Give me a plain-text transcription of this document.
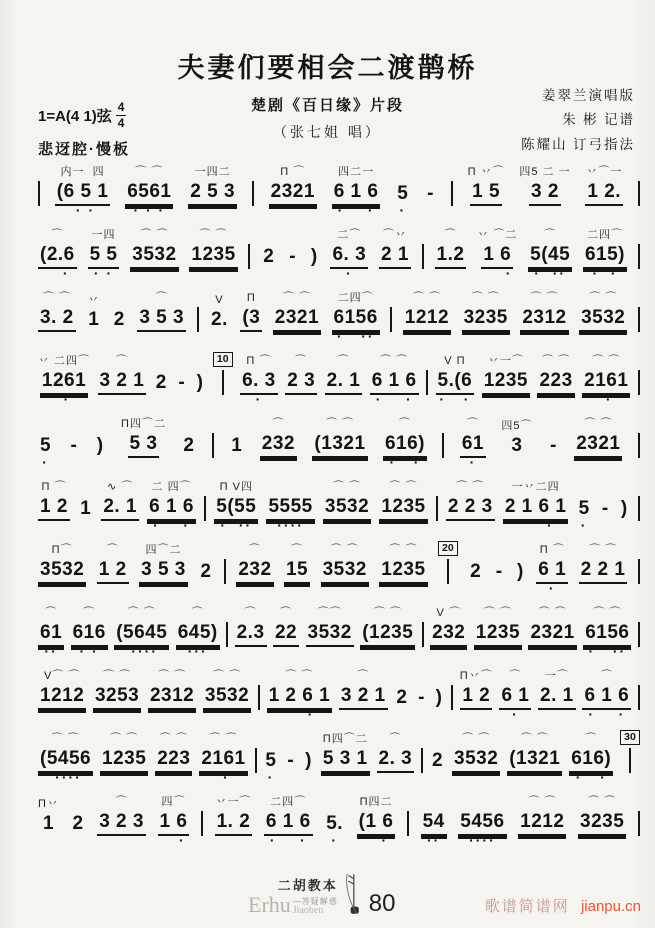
夫妻们要相会二渡鹊桥
楚剧《百日缘》片段
（张七姐 唱）
姜翠兰演唱版
朱 彬 记谱
陈耀山 订弓指法
1=A(4 1)弦 $\frac{4}{4}$
悲迓腔·慢板
内一  四
(6 5 1
· ·
⌒ ⌒
6561
· · ·
一四二
2 5 3

Π ⌒
2321

四二一
6 1 6
·    ·

5
·

-

Π 丷⌒
1 5

四5 二 一
3 2

丷⌒一
1 2.

⌒
(2.6
·
一四
5 5
· ·
⌒ ⌒
3532

⌒ ⌒
1235

2

-

)

二⌒
6. 3
·
⌒丷
2 1

⌒
1.2

丷 ⌒二
1 6
·
⌒
5(45
·  ··
二四⌒
615)
·  ·
⌒ ⌒
3. 2

丷
1

2

⌒
3 5 3

V
2.

Π
(3

⌒ ⌒
2321

二四⌒
6156
·   ··
⌒ ⌒
1212

⌒ ⌒
3235

⌒ ⌒
2312

⌒ ⌒
3532

丷 二四⌒
1261
·
⌒
3 2 1

2

-

)

10	Π ⌒
6. 3
·
⌒
2 3

⌒
2. 1

⌒ ⌒
6 1 6
·    ·
V Π
5.(6
·   ·
丷一⌒
1235

⌒ ⌒
223

⌒ ⌒
2161
·

5
·

-

)

Π四⌒二
5 3

2

1

⌒
232

⌒ ⌒
(1321

⌒
616)
·   ·
⌒
61
·
四5⌒
3

-

⌒ ⌒
2321

Π ⌒
1 2

1

∿ ⌒
2. 1

二 四⌒
6 1 6
·    ·
Π V四
5(55
·  ··

5555
····
⌒ ⌒
3532

⌒ ⌒
1235

⌒ ⌒
2 2 3

一丷二四
2 1 6 1
·

5
·

-

)

Π⌒
3532

⌒
1 2

四⌒二
3 5 3

2

⌒
232

⌒
15

⌒ ⌒
3532

⌒ ⌒
1235

20

2

-

)

Π ⌒
6 1
·
⌒ ⌒
2 2 1

⌒
61
··
⌒
616
· ·
⌒ ⌒
(5645
····
⌒
645)
···
⌒
2.3

⌒
22

⌒⌒
3532

⌒ ⌒
(1235

V ⌒
232

⌒ ⌒
1235

⌒ ⌒
2321

⌒ ⌒
6156
·   ··
V⌒ ⌒
1212

⌒ ⌒
3253

⌒ ⌒
2312

⌒ ⌒
3532

⌒ ⌒
1 2 6 1
·
⌒
3 2 1

2

-

)

Π丷⌒
1 2

⌒
6 1
·
一⌒
2. 1

⌒
6 1 6
·    ·
⌒ ⌒
(5456
····
⌒ ⌒
1235

⌒ ⌒
223

⌒ ⌒
2161
·

5
·

-

)

Π四⌒二
5 3 1

⌒
2. 3

2

⌒ ⌒
3532

⌒ ⌒
(1321

⌒
616)
·   ·
30
Π丷
1

2

⌒
3 2 3

四⌒
1 6
·
丷一⌒
1. 2

二四⌒
6 1 6
·    ·

5.
·
Π四二
(1 6
·

54
··

5456
····
⌒ ⌒
1212

⌒ ⌒
3235

二胡教本
Erhu —答疑解惑
Jiaoben 80	歌谱简谱网 jianpu.cn
